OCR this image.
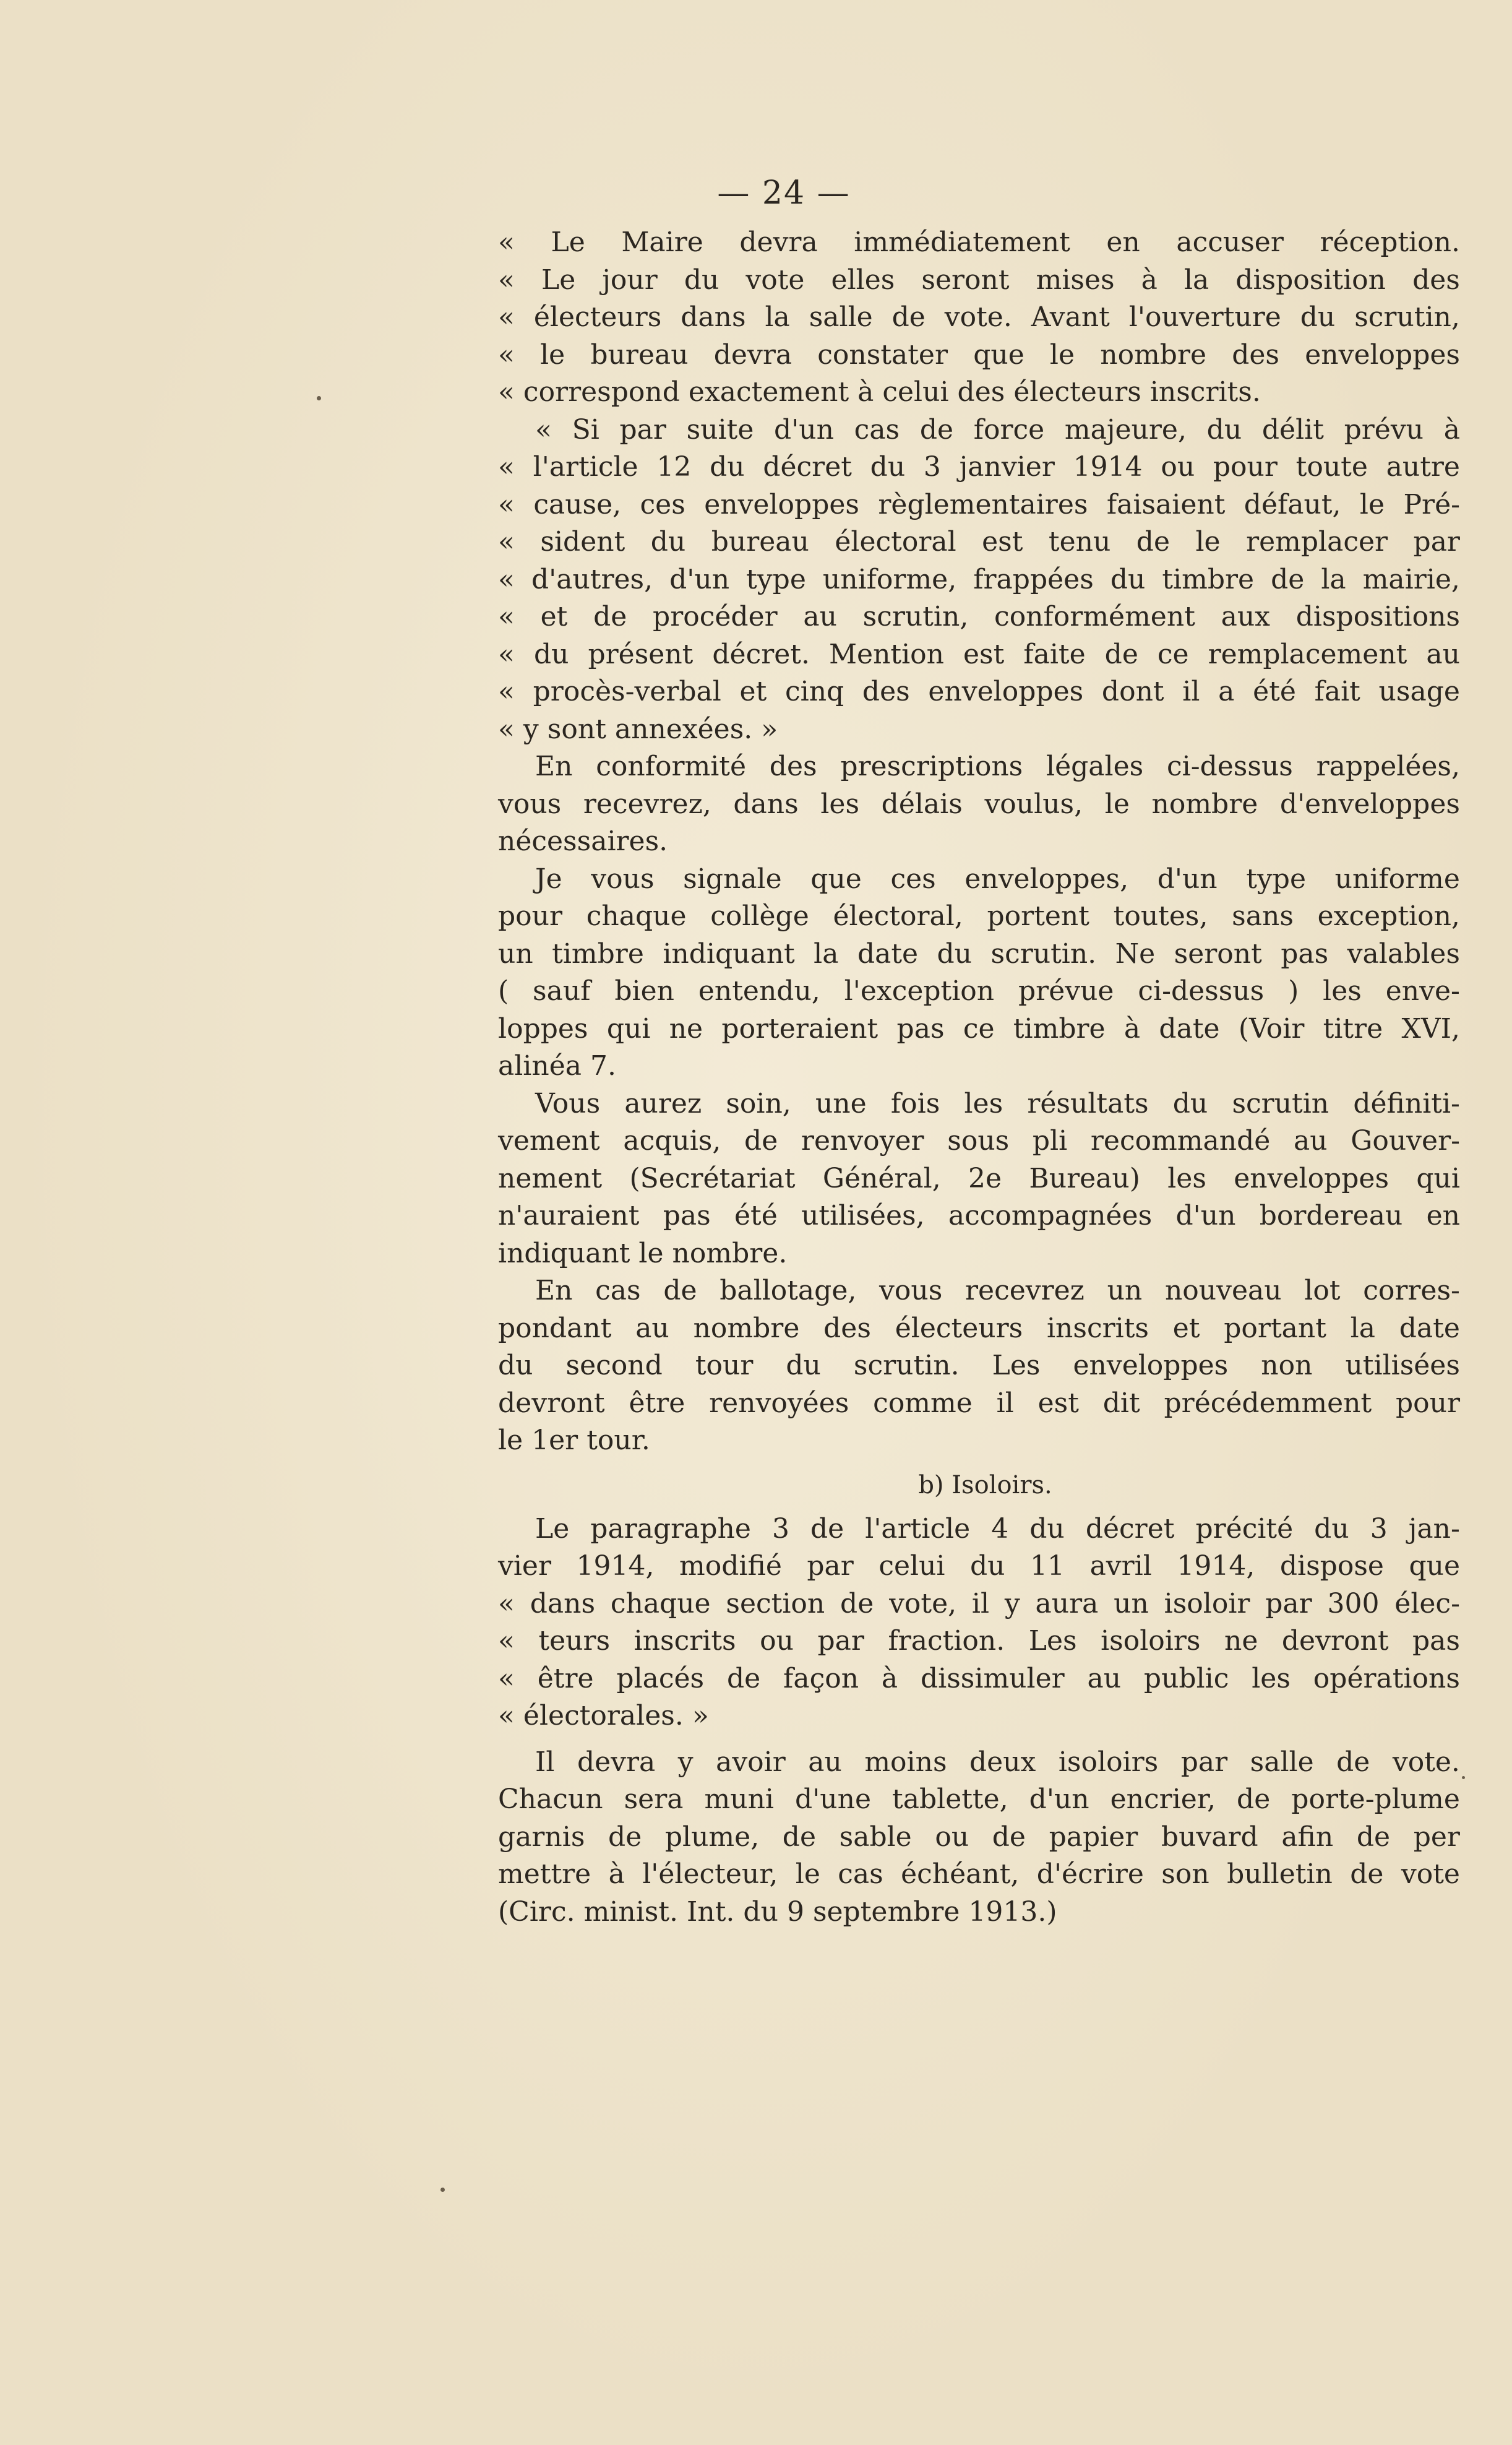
— 24 —
« Le Maire devra immédiatement en accuser réception.
« Le jour du vote elles seront mises à la disposition des
« électeurs dans la salle de vote. Avant l'ouverture du scrutin,
« le bureau devra constater que le nombre des enveloppes
« correspond exactement à celui des électeurs inscrits.
« Si par suite d'un cas de force majeure, du délit prévu à
« l'article 12 du décret du 3 janvier 1914 ou pour toute autre
« cause, ces enveloppes règlementaires faisaient défaut, le Pré-
« sident du bureau électoral est tenu de le remplacer par
« d'autres, d'un type uniforme, frappées du timbre de la mairie,
« et de procéder au scrutin, conformément aux dispositions
« du présent décret. Mention est faite de ce remplacement au
« procès-verbal et cinq des enveloppes dont il a été fait usage
« y sont annexées. »
En conformité des prescriptions légales ci-dessus rappelées,
vous recevrez, dans les délais voulus, le nombre d'enveloppes
nécessaires.
Je vous signale que ces enveloppes, d'un type uniforme
pour chaque collège électoral, portent toutes, sans exception,
un timbre indiquant la date du scrutin. Ne seront pas valables
( sauf bien entendu, l'exception prévue ci-dessus ) les enve-
loppes qui ne porteraient pas ce timbre à date (Voir titre XVI,
alinéa 7.
Vous aurez soin, une fois les résultats du scrutin définiti-
vement acquis, de renvoyer sous pli recommandé au Gouver-
nement (Secrétariat Général, 2e Bureau) les enveloppes qui
n'auraient pas été utilisées, accompagnées d'un bordereau en
indiquant le nombre.
En cas de ballotage, vous recevrez un nouveau lot corres-
pondant au nombre des électeurs inscrits et portant la date
du second tour du scrutin. Les enveloppes non utilisées
devront être renvoyées comme il est dit précédemment pour
le 1er tour.
b) Isoloirs.
Le paragraphe 3 de l'article 4 du décret précité du 3 jan-
vier 1914, modifié par celui du 11 avril 1914, dispose que
« dans chaque section de vote, il y aura un isoloir par 300 élec-
« teurs inscrits ou par fraction. Les isoloirs ne devront pas
« être placés de façon à dissimuler au public les opérations
« électorales. »
Il devra y avoir au moins deux isoloirs par salle de vote.
Chacun sera muni d'une tablette, d'un encrier, de porte-plume
garnis de plume, de sable ou de papier buvard afin de per
mettre à l'électeur, le cas échéant, d'écrire son bulletin de vote
(Circ. minist. Int. du 9 septembre 1913.)
